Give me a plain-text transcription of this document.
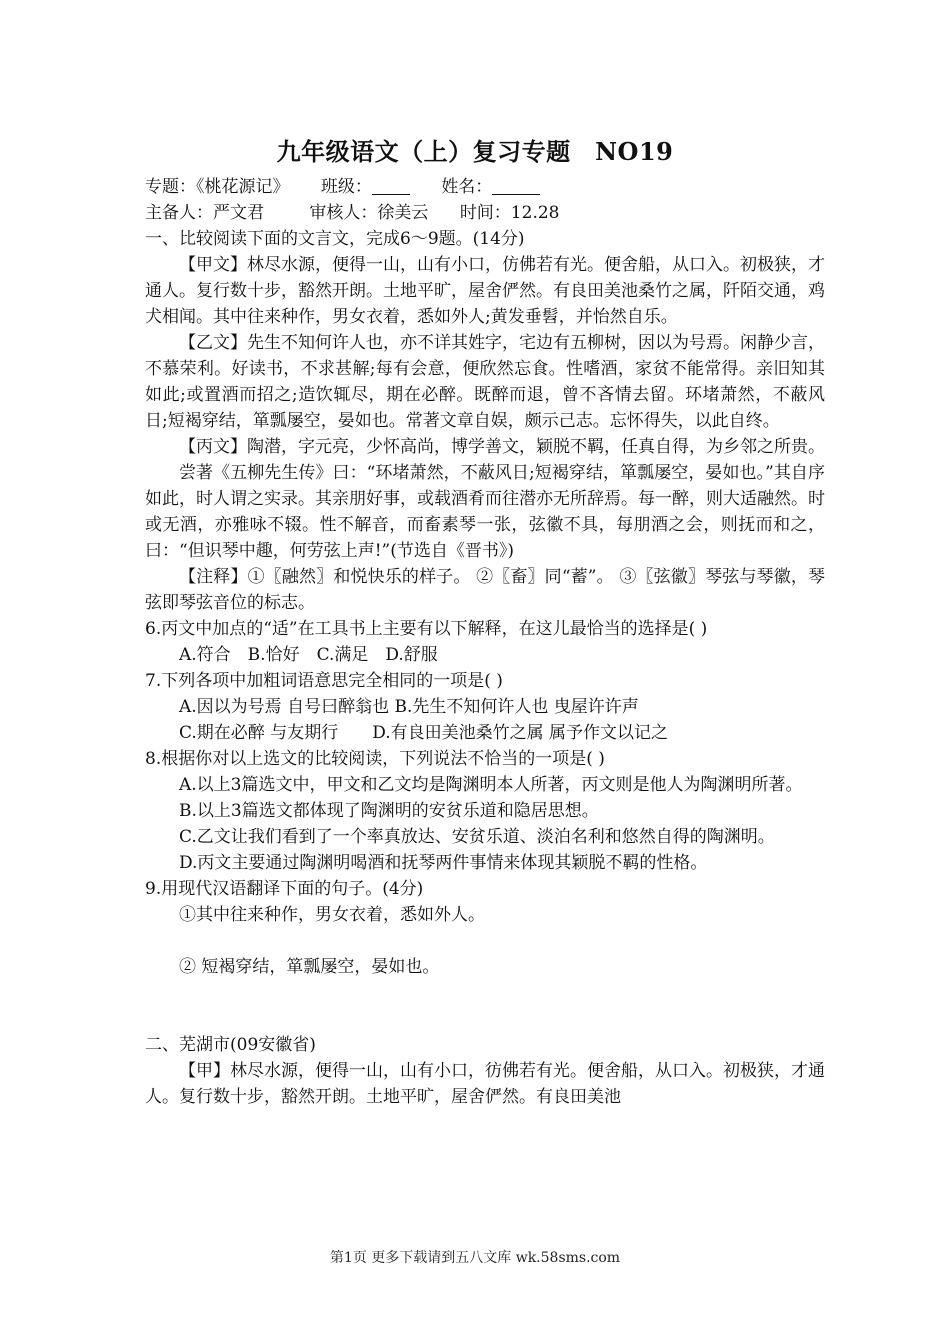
九年级语文（上）复习专题　NO19

专题：《桃花源记》 班级：	姓名：

主备人：严文君	审核人：徐美云 时间：12.28

一、比较阅读下面的文言文，完成6～9题。(14分)

【甲文】林尽水源，便得一山，山有小口，仿佛若有光。便舍船，从口入。初极狭，才通人。复行数十步，豁然开朗。土地平旷，屋舍俨然。有良田美池桑竹之属，阡陌交通，鸡犬相闻。其中往来种作，男女衣着，悉如外人;黄发垂髫，并怡然自乐。

【乙文】先生不知何许人也，亦不详其姓字，宅边有五柳树，因以为号焉。闲静少言，不慕荣利。好读书，不求甚解;每有会意，便欣然忘食。性嗜酒，家贫不能常得。亲旧知其如此;或置酒而招之;造饮辄尽，期在必醉。既醉而退，曾不吝情去留。环堵萧然，不蔽风日;短褐穿结，箪瓢屡空，晏如也。常著文章自娱，颇示己志。忘怀得失，以此自终。

【丙文】陶潜，字元亮，少怀高尚，博学善文，颖脱不羁，任真自得，为乡邻之所贵。

尝著《五柳先生传》曰：“环堵萧然，不蔽风日;短褐穿结，箪瓢屡空，晏如也。”其自序如此，时人谓之实录。其亲朋好事，或载酒肴而往潜亦无所辞焉。每一醉，则大适融然。时或无酒，亦雅咏不辍。性不解音，而畜素琴一张，弦徽不具，每朋酒之会，则抚而和之，曰：“但识琴中趣，何劳弦上声!”(节选自《晋书》)

【注释】①〖融然〗和悦快乐的样子。 ②〖畜〗同“蓄”。 ③〖弦徽〗琴弦与琴徽，琴弦即琴弦音位的标志。

6.丙文中加点的“适”在工具书上主要有以下解释，在这儿最恰当的选择是( )

A.符合　B.恰好　C.满足　D.舒服

7.下列各项中加粗词语意思完全相同的一项是( )

A.因以为号焉 自号曰醉翁也 B.先生不知何许人也 曳屋许许声

C.期在必醉 与友期行　　D.有良田美池桑竹之属 属予作文以记之

8.根据你对以上选文的比较阅读，下列说法不恰当的一项是( )

A.以上3篇选文中，甲文和乙文均是陶渊明本人所著，丙文则是他人为陶渊明所著。

B.以上3篇选文都体现了陶渊明的安贫乐道和隐居思想。

C.乙文让我们看到了一个率真放达、安贫乐道、淡泊名利和悠然自得的陶渊明。

D.丙文主要通过陶渊明喝酒和抚琴两件事情来体现其颖脱不羁的性格。

9.用现代汉语翻译下面的句子。(4分)

①其中往来种作，男女衣着，悉如外人。

② 短褐穿结，箪瓢屡空，晏如也。

二、芜湖市(09安徽省)

【甲】林尽水源，便得一山，山有小口，彷佛若有光。便舍船，从口入。初极狭，才通人。复行数十步，豁然开朗。土地平旷，屋舍俨然。有良田美池

第1页 更多下载请到五八文库 wk.58sms.com
